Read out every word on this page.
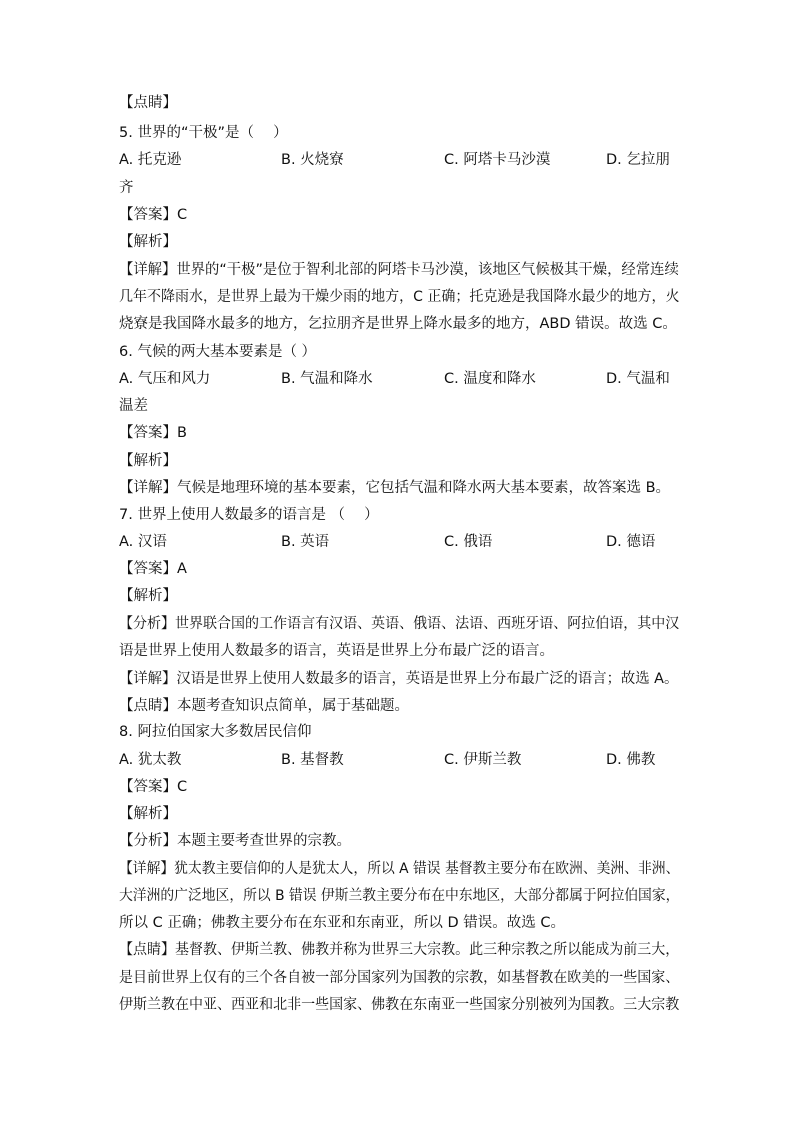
【点睛】
5. 世界的“干极”是（　 ）
A. 托克逊	B. 火烧寮	C. 阿塔卡马沙漠	D. 乞拉朋
齐
【答案】C
【解析】
【详解】世界的“干极”是位于智利北部的阿塔卡马沙漠，该地区气候极其干燥，经常连续
几年不降雨水，是世界上最为干燥少雨的地方，C 正确；托克逊是我国降水最少的地方，火
烧寮是我国降水最多的地方，乞拉朋齐是世界上降水最多的地方，ABD 错误。故选 C。
6. 气候的两大基本要素是（ ）
A. 气压和风力	B. 气温和降水	C. 温度和降水	D. 气温和
温差
【答案】B
【解析】
【详解】气候是地理环境的基本要素，它包括气温和降水两大基本要素，故答案选 B。
7. 世界上使用人数最多的语言是 （　 ）
A. 汉语	B. 英语	C. 俄语	D. 德语
【答案】A
【解析】
【分析】世界联合国的工作语言有汉语、英语、俄语、法语、西班牙语、阿拉伯语，其中汉
语是世界上使用人数最多的语言，英语是世界上分布最广泛的语言。
【详解】汉语是世界上使用人数最多的语言，英语是世界上分布最广泛的语言；故选 A。
【点睛】本题考查知识点简单，属于基础题。
8. 阿拉伯国家大多数居民信仰
A. 犹太教	B. 基督教	C. 伊斯兰教	D. 佛教
【答案】C
【解析】
【分析】本题主要考查世界的宗教。
【详解】犹太教主要信仰的人是犹太人，所以 A 错误 基督教主要分布在欧洲、美洲、非洲、
大洋洲的广泛地区，所以 B 错误 伊斯兰教主要分布在中东地区，大部分都属于阿拉伯国家，
所以 C 正确；佛教主要分布在东亚和东南亚，所以 D 错误。故选 C。
【点睛】基督教、伊斯兰教、佛教并称为世界三大宗教。此三种宗教之所以能成为前三大，
是目前世界上仅有的三个各自被一部分国家列为国教的宗教，如基督教在欧美的一些国家、
伊斯兰教在中亚、西亚和北非一些国家、佛教在东南亚一些国家分别被列为国教。三大宗教
